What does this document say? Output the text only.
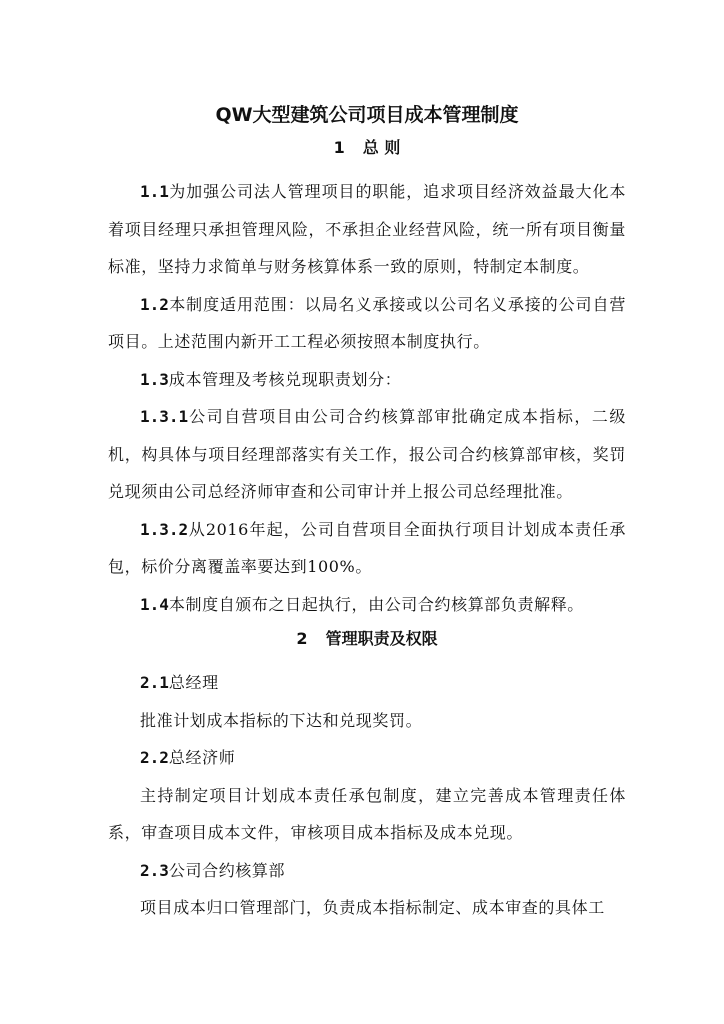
QW大型建筑公司项目成本管理制度
1 总 则

1.1为加强公司法人管理项目的职能，追求项目经济效益最大化本着项目经理只承担管理风险，不承担企业经营风险，统一所有项目衡量标准，坚持力求简单与财务核算体系一致的原则，特制定本制度。

1.2本制度适用范围：以局名义承接或以公司名义承接的公司自营项目。上述范围内新开工工程必须按照本制度执行。

1.3成本管理及考核兑现职责划分：

1.3.1公司自营项目由公司合约核算部审批确定成本指标，二级机，构具体与项目经理部落实有关工作，报公司合约核算部审核，奖罚兑现须由公司总经济师审查和公司审计并上报公司总经理批准。

1.3.2从2016年起，公司自营项目全面执行项目计划成本责任承包，标价分离覆盖率要达到100%。

1.4本制度自颁布之日起执行，由公司合约核算部负责解释。

2 管理职责及权限

2.1总经理

批准计划成本指标的下达和兑现奖罚。

2.2总经济师

主持制定项目计划成本责任承包制度，建立完善成本管理责任体系，审查项目成本文件，审核项目成本指标及成本兑现。

2.3公司合约核算部

项目成本归口管理部门，负责成本指标制定、成本审查的具体工
